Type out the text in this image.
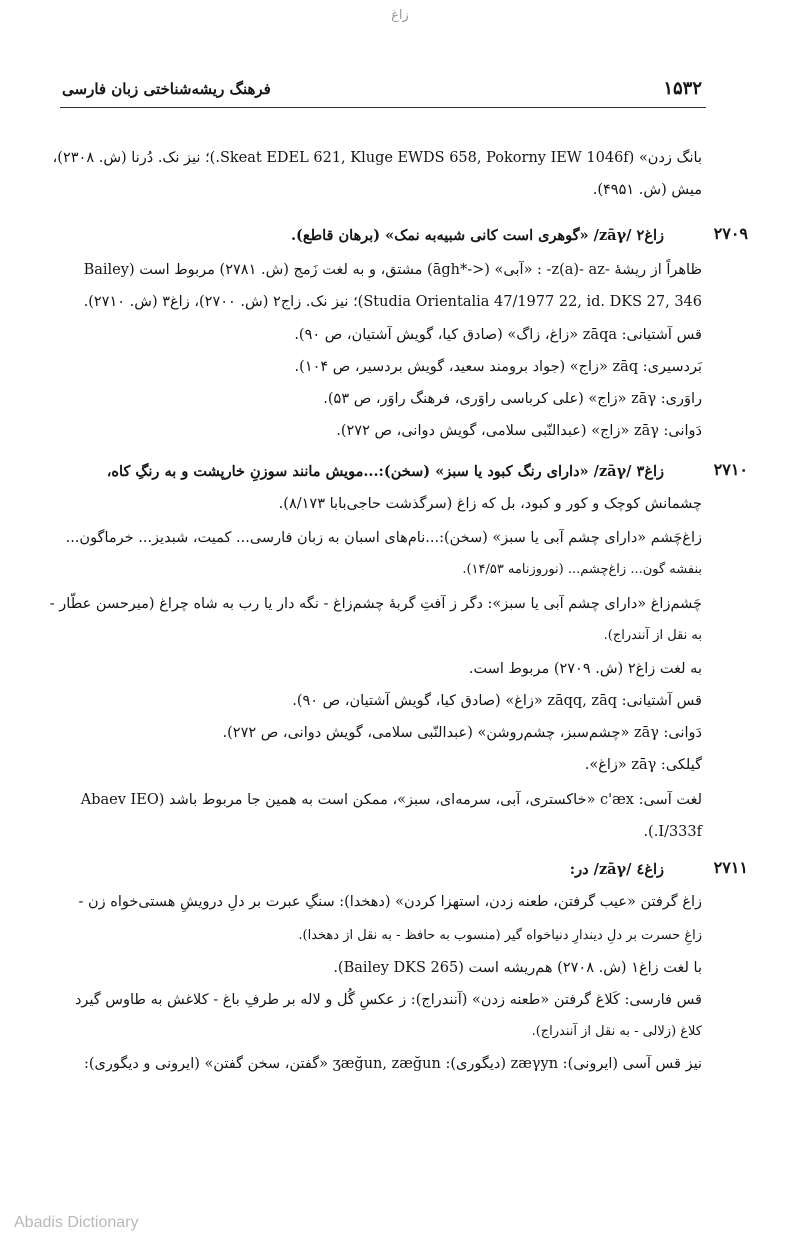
زاغ
۱۵۳۲
فرهنگ ریشه‌شناختی زبان فارسی
بانگ زدن» (Skeat EDEL 621, Kluge EWDS 658, Pokorny IEW 1046f.)؛ نیز نک. دُرنا (ش. ۲۳۰۸)،
میش (ش. ۴۹۵۱).
۲۷۰۹
زاغ٢ /zāγ/ «گوهری است کانی شبیه‌به نمک» (برهان قاطع).
ظاهراً از ریشهٔ -z(a)- az- : «آبی» (<-*āgh) مشتق، و به لغت زَمج (ش. ۲۷۸۱) مربوط است (Bailey
Studia Orientalia 47/1977 22, id. DKS 27, 346)؛ نیز نک. زاج٢ (ش. ۲۷۰۰)، زاغ٣ (ش. ۲۷۱۰).
قس آشتیانی: zāqa «زاغ، زاگ» (صادق کیا، گویش آشتیان، ص ۹۰).
بَردسیری: zāq «زاج» (جواد برومند سعید، گویش بردسیر، ص ۱۰۴).
راوَری: zāγ «زاج» (علی کرباسی راوَری، فرهنگ راوَر، ص ۵۳).
دَوانی: zāγ «زاج» (عبدالنّبی سلامی، گویش دوانی، ص ۲۷۲).
۲۷۱۰
زاغ٣ /zāγ/ «دارای رنگ کبود یا سبز» (سخن):...مویش مانند سوزنِ خارپشت و به رنگِ کاه،
چشمانش کوچک و کور و کبود، بل که زاغ (سرگذشت حاجی‌بابا ۸/۱۷۳).
زاغ‌چَشم «دارای چشم آبی یا سبز» (سخن):...نام‌های اسبان به زبان فارسی... کمیت، شبدیز... خرماگون...
بنفشه گون... زاغ‌چشم... (نوروزنامه ۱۴/۵۳).
چَشم‌زاغ «دارای چشم آبی یا سبز»: دگر ز آفتِ گربهٔ چشم‌زاغ - نگه دار یا رب به شاه چراغ (میرحسن عطّار -
به نقل از آنندراج).
به لغت زاغ٢ (ش. ۲۷۰۹) مربوط است.
قس آشتیانی: zāqq, zāq «زاغ» (صادق کیا، گویش آشتیان، ص ۹۰).
دَوانی: zāγ «چشم‌سبز، چشم‌روشن» (عبدالنّبی سلامی، گویش دوانی، ص ۲۷۲).
گیلکی: zāγ «زاغ».
لغت آسی: c'æx «خاکستری، آبی، سرمه‌ای، سبز»، ممکن است به همین جا مربوط باشد (Abaev IEO
I/333f.).
۲۷۱۱
زاغ٤ /zāγ/ در:
زاغ گرفتن «عیب گرفتن، طعنه زدن، استهزا کردن» (دهخدا): سنگِ عبرت بر دلِ درویشِ هستی‌خواه زن -
زاغِ حسرت بر دلِ دیندارِ دنیاخواه گیر (منسوب به حافظ - به نقل از دهخدا).
با لغت زاغ١ (ش. ۲۷۰۸) هم‌ریشه است (Bailey DKS 265).
قس فارسی: کَلاغ گرفتن «طعنه زدن» (آنندراج): ز عکسِ گُل و لاله بر طرفِ باغ - کلاغش به طاوس گیرد
کلاغ (زلالی - به نقل از آنندراج).
نیز قس آسی (ایرونی): zæγyn (دیگوری): ʒæğun, zæğun «گفتن، سخن گفتن» (ایرونی و دیگوری):
Abadis Dictionary
